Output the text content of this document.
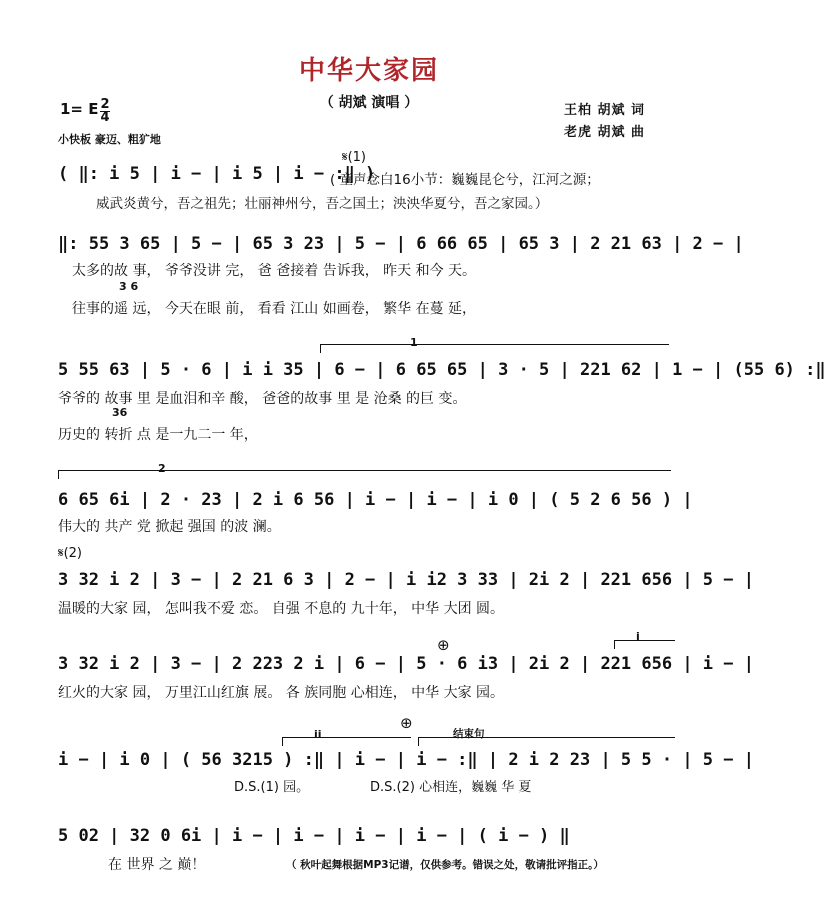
中华大家园
（ 胡斌 演唱 ）
1= E 2
4
小快板 豪迈、粗犷地
王柏 胡斌 词
老虎 胡斌 曲
𝄋(1)
( ‖: i 5 | i − | i 5 | i − :‖ )
( 童声念白16小节：巍巍昆仑兮，江河之源；
威武炎黄兮，吾之祖先；壮丽神州兮，吾之国土；泱泱华夏兮，吾之家园。）
‖: 55 3 65 | 5 − | 65 3 23 | 5 − | 6 66 65 | 65 3 | 2 21 63 | 2 − |
太多的故 事， 爷爷没讲 完， 爸 爸接着 告诉我， 昨天 和今 天。
3 6
往事的遥 远， 今天在眼 前， 看看 江山 如画卷， 繁华 在蔓 延，
1
5 55 63 | 5 · 6 | i i 35 | 6 − | 6 65 65 | 3 · 5 | 221 62 | 1 − | (55 6) :‖
爷爷的 故事 里 是血泪和辛 酸， 爸爸的故事 里 是 沧桑 的巨 变。
36
历史的 转折 点 是一九二一 年，
2
6 65 6i | 2 · 23 | 2 i 6 56 | i − | i − | i 0 | ( 5 2 6 56 ) |
伟大的 共产 党 掀起 强国 的波 澜。
𝄋(2)
3 32 i 2 | 3 − | 2 21 6 3 | 2 − | i i2 3 33 | 2i 2 | 221 656 | 5 − |
温暖的大家 园， 怎叫我不爱 恋。 自强 不息的 九十年， 中华 大团 圆。
⊕	i
3 32 i 2 | 3 − | 2 223 2 i | 6 − | 5 · 6 i3 | 2i 2 | 221 656 | i − |
红火的大家 园， 万里江山红旗 展。 各 族同胞 心相连， 中华 大家 园。
ii
⊕
结束句
i − | i 0 | ( 56 3215 ) :‖ | i − | i − :‖ | 2 i 2 23 | 5 5 · | 5 − |
D.S.(1) 园。	D.S.(2) 心相连，巍巍 华 夏
5 02 | 32 0 6i | i − | i − | i − | i − | ( i − ) ‖
在 世界 之 巅！	（ 秋叶起舞根据MP3记谱，仅供参考。错误之处，敬请批评指正。）
